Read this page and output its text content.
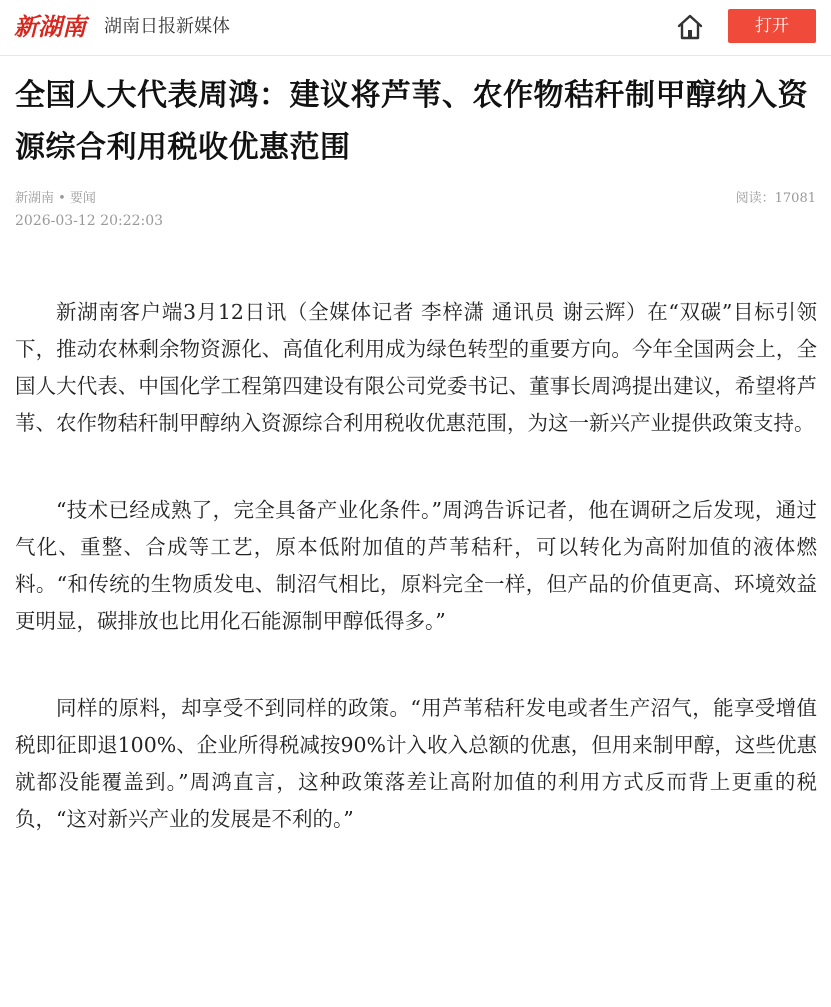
新湖南 湖南日报新媒体	打开
全国人大代表周鸿：建议将芦苇、农作物秸秆制甲醇纳入资源综合利用税收优惠范围
新湖南 • 要闻
2026-03-12 20:22:03
阅读：17081

新湖南客户端3月12日讯（全媒体记者 李梓潇 通讯员 谢云辉）在“双碳”目标引领下，推动农林剩余物资源化、高值化利用成为绿色转型的重要方向。今年全国两会上，全国人大代表、中国化学工程第四建设有限公司党委书记、董事长周鸿提出建议，希望将芦苇、农作物秸秆制甲醇纳入资源综合利用税收优惠范围，为这一新兴产业提供政策支持。

“技术已经成熟了，完全具备产业化条件。”周鸿告诉记者，他在调研之后发现，通过气化、重整、合成等工艺，原本低附加值的芦苇秸秆，可以转化为高附加值的液体燃料。“和传统的生物质发电、制沼气相比，原料完全一样，但产品的价值更高、环境效益更明显，碳排放也比用化石能源制甲醇低得多。”

同样的原料，却享受不到同样的政策。“用芦苇秸秆发电或者生产沼气，能享受增值税即征即退100%、企业所得税减按90%计入收入总额的优惠，但用来制甲醇，这些优惠就都没能覆盖到。”周鸿直言，这种政策落差让高附加值的利用方式反而背上更重的税负，“这对新兴产业的发展是不利的。”
